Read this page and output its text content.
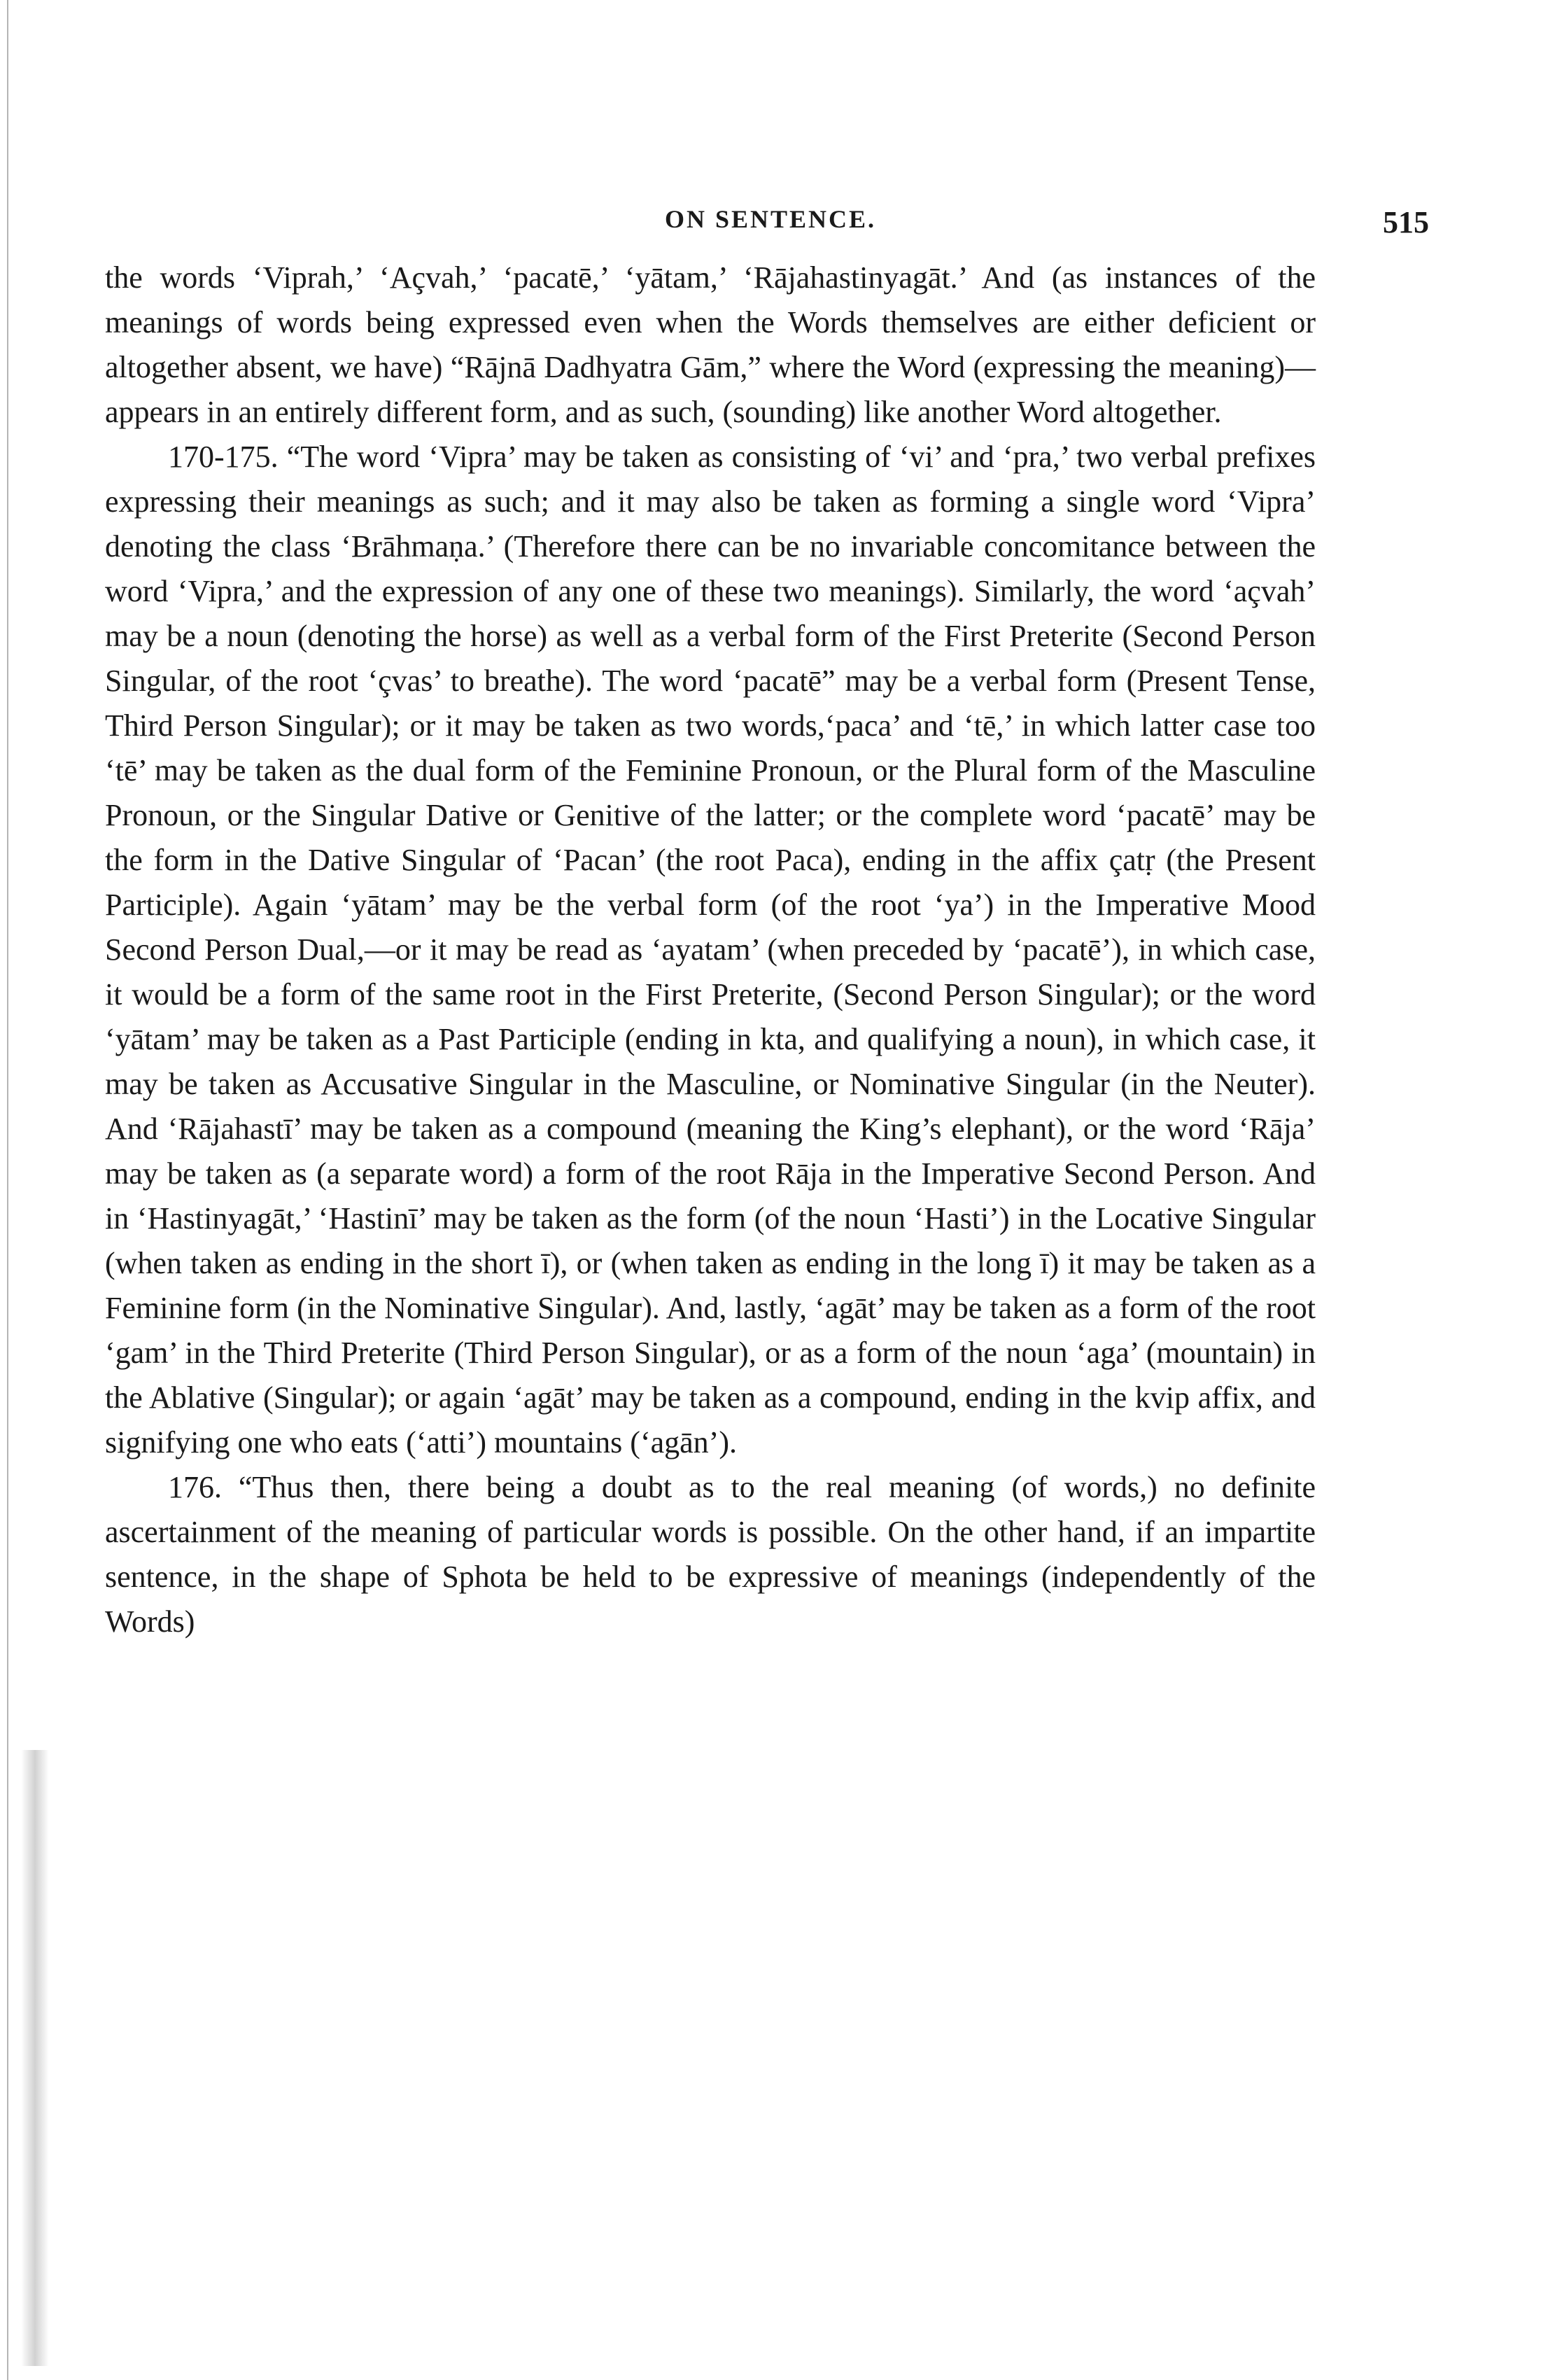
ON SENTENCE.	515

the words ‘Viprah,’ ‘Açvah,’ ‘pacatē,’ ‘yātam,’ ‘Rājahastinyagāt.’ And (as instances of the meanings of words being expressed even when the Words themselves are either deficient or altogether absent, we have) “Rājnā Dadhyatra Gām,” where the Word (expressing the meaning)—appears in an entirely different form, and as such, (sounding) like another Word altogether.

170-175. “The word ‘Vipra’ may be taken as consisting of ‘vi’ and ‘pra,’ two verbal prefixes expressing their meanings as such; and it may also be taken as forming a single word ‘Vipra’ denoting the class ‘Brāhmaṇa.’ (Therefore there can be no invariable concomitance between the word ‘Vipra,’ and the expression of any one of these two meanings). Similarly, the word ‘açvah’ may be a noun (denoting the horse) as well as a verbal form of the First Preterite (Second Person Singular, of the root ‘çvas’ to breathe). The word ‘pacatē” may be a verbal form (Present Tense, Third Person Singular); or it may be taken as two words,‘paca’ and ‘tē,’ in which latter case too ‘tē’ may be taken as the dual form of the Feminine Pronoun, or the Plural form of the Masculine Pronoun, or the Singular Dative or Genitive of the latter; or the complete word ‘pacatē’ may be the form in the Dative Singular of ‘Pacan’ (the root Paca), ending in the affix çatṛ (the Present Participle). Again ‘yātam’ may be the verbal form (of the root ‘ya’) in the Imperative Mood Second Person Dual,—or it may be read as ‘ayatam’ (when preceded by ‘pacatē’), in which case, it would be a form of the same root in the First Preterite, (Second Person Singular); or the word ‘yātam’ may be taken as a Past Participle (ending in kta, and qualifying a noun), in which case, it may be taken as Accusative Singular in the Masculine, or Nominative Singular (in the Neuter). And ‘Rājahastī’ may be taken as a compound (meaning the King’s elephant), or the word ‘Rāja’ may be taken as (a separate word) a form of the root Rāja in the Imperative Second Person. And in ‘Hastinyagāt,’ ‘Hastinī’ may be taken as the form (of the noun ‘Hasti’) in the Locative Singular (when taken as ending in the short ī), or (when taken as ending in the long ī) it may be taken as a Feminine form (in the Nominative Singular). And, lastly, ‘agāt’ may be taken as a form of the root ‘gam’ in the Third Preterite (Third Person Singular), or as a form of the noun ‘aga’ (mountain) in the Ablative (Singular); or again ‘agāt’ may be taken as a compound, ending in the kvip affix, and signifying one who eats (‘atti’) mountains (‘agān’).

176. “Thus then, there being a doubt as to the real meaning (of words,) no definite ascertainment of the meaning of particular words is possible. On the other hand, if an impartite sentence, in the shape of Sphota be held to be expressive of meanings (independently of the Words)
